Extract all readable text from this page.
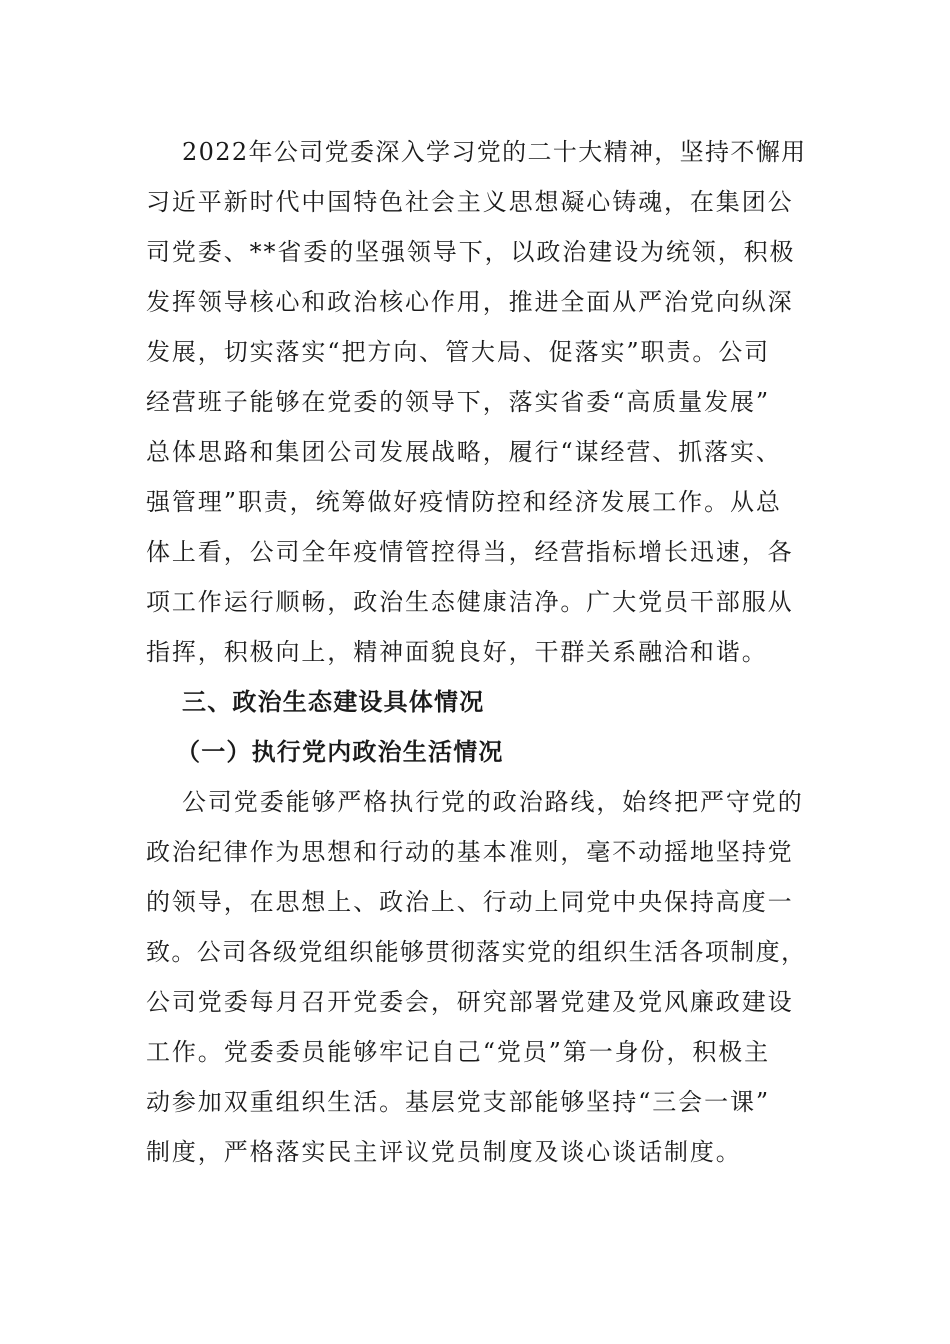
2022年公司党委深入学习党的二十大精神，坚持不懈用
习近平新时代中国特色社会主义思想凝心铸魂，在集团公
司党委、**省委的坚强领导下，以政治建设为统领，积极
发挥领导核心和政治核心作用，推进全面从严治党向纵深
发展，切实落实“把方向、管大局、促落实”职责。公司
经营班子能够在党委的领导下，落实省委“高质量发展”
总体思路和集团公司发展战略，履行“谋经营、抓落实、
强管理”职责，统筹做好疫情防控和经济发展工作。从总
体上看，公司全年疫情管控得当，经营指标增长迅速，各
项工作运行顺畅，政治生态健康洁净。广大党员干部服从
指挥，积极向上，精神面貌良好，干群关系融洽和谐。
三、政治生态建设具体情况
（一）执行党内政治生活情况
公司党委能够严格执行党的政治路线，始终把严守党的
政治纪律作为思想和行动的基本准则，毫不动摇地坚持党
的领导，在思想上、政治上、行动上同党中央保持高度一
致。公司各级党组织能够贯彻落实党的组织生活各项制度，
公司党委每月召开党委会，研究部署党建及党风廉政建设
工作。党委委员能够牢记自己“党员”第一身份，积极主
动参加双重组织生活。基层党支部能够坚持“三会一课”
制度，严格落实民主评议党员制度及谈心谈话制度。
